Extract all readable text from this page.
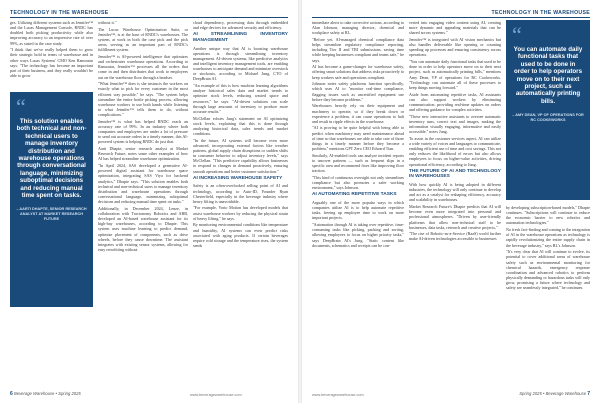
TECHNOLOGY IN THE WAREHOUSE

ges. Utilizing different systems such as Jennifer™ and the Lucas Management Console, RNDC has doubled both picking productivity while also improving accuracy to an impressive rate of over 99%, as stated in the case study.

"I think that we've really helped them to grow their strategic hold in terms of warehouse and in other ways Lucas Systems' CMO Ken Ramoutar says. "The technology has become an important part of their business, and they really wouldn't be able to grow

“
This solution enables both technical and non-technical users to manage inventory distribution and warehouse operations through conversational language, minimizing suboptimal decisions and reducing manual time spent on tasks.
– AARTI DHAPTE, SENIOR RESEARCH ANALYST AT MARKET RESEARCH FUTURE

without it."

The Lucas Warehouse Optimization Suite, or Jennifer™, is at the base of RNDC's warehouses. The system, at work in both the case pick and the pick areas, serving as an important part of RNDC's fulfillment system.

Jennifer™ is AI-powered intelligence that optimizes and orchestrates warehouse operations. According to Ramoutar, Jennifer™ processes all the orders that come in and then distributes that work to employees out on the warehouse floor through a headset.

"What Jennifer™ does is she instructs the workers on exactly what to pick for every customer in the most efficient way possible," he says. "The system helps streamline the entire bottle picking process, allowing warehouse workers to use both hands while listening to what Jennifer™ tells them to do, without complications."

Jennifer™ is what has helped RNDC reach an accuracy rate of 99%. In an industry where both companies and employees are under a lot of pressure to send out accurate orders in a timely manner, this AI-powered system is helping RNDC do just that.

Aarti Dhapte, senior research analyst at Market Research Future, notes some other examples of how AI has helped streamline warehouse optimization.

"In April 2024, SAS developed a generative AI-powered digital assistant for warehouse space optimization, integrating SAS Viya for backend analytics," Dhapte says. "This solution enables both technical and non-technical users to manage inventory distribution and warehouse operations through conversational language, minimizing suboptimal decisions and reducing manual time spent on tasks."

Additionally, in December 2024, Lenze, in collaboration with Tractonomy Robotics and ABB, developed an AI-based warehouse assistant for its high-bay warehouses, according to Dhapte. This system uses machine learning to predict demand, optimize placement of components, such as drive wheels, before they cause downtime. The assistant integrates with existing sensor systems, allowing for easy retrofitting without

cloud dependency, processing data through embedded and edge devices for advanced security and efficiency.

AI STREAMLINING INVENTORY MANAGEMENT

Another unique way that AI is boosting warehouse operations is through streamlining inventory management. AI-driven systems, like predictive analytics and intelligent inventory management tools, are enabling warehouses to anticipate demand and minimize overstock or stockouts, according to Michael Jung, CTO of DeepBrain AI.

"An example of this is how machine learning algorithms analyze historical sales data and market trends to optimize stock levels, reducing wasted space and resources," he says. "AI-driven solutions can scale through large amounts of inventory to produce more accurate results."

McClellan echoes Jung's statement on AI optimizing stock levels, explaining that this is done through analyzing historical data, sales trends and market conditions.

"In the future, AI systems will become even more advanced, incorporating external factors like weather patterns, global supply chain disruptions or sudden shifts in consumer behavior to adjust inventory levels," says McClellan. "This predictive capability allows businesses to respond to changes in demand proactively, ensuring smooth operations and better customer satisfaction."

AI INCREASING WAREHOUSE SAFETY

Safety is an often-overlooked selling point of AI and technology, according to Auto-ID, Founder Ryan Chesterfield, especially in the beverage industry where heavy lifting is unavoidable.

"For example, Vorto Motion has developed models that assist warehouse workers by reducing the physical strain of heavy lifting," he says.

By monitoring environmental conditions like temperature and humidity, AI systems can even predict risks associated with aging products. If certain beverages require cold storage and the temperature rises, the system sends

6 Beverage Warehouse • Spring 2025	www.beveragewarehouse.com
TECHNOLOGY IN THE WAREHOUSE

immediate alerts to take corrective actions, according to Alan Johnson, managing director, chemical and workplace safety at RL.

"Before yet, AI-managed chemical compliance data helps streamline regulatory compliance reporting, including Tier II and TRI submissions, saving time while keeping businesses compliant and teams safe," he says.

AI has become a game-changer for warehouse safety, offering smart solutions that address risks proactively to keep workers safe and operations compliant.

Johnson notes safety platforms function specifically, which uses AI to "monitor real-time compliance, flagging issues such as uncertified equipment use before they become problems."

Warehouses heavily rely on their equipment and machinery to operate, so if they break down or experience a problem, it can cause operations to halt and result in ripple effects in the warehouse.

"AI is proving to be quite helpful with being able to predict when machinery may need maintenance ahead of time so that warehouses are able to take care of those things in a timely manner before they become a problem," mentions GPT Zero CEO Edward Tian.

Similarly, AI-enabled tools can analyze incident reports to uncover patterns — such as frequent slips in a specific area and recommend fixes like improving floor traction.

"This kind of continuous oversight not only streamlines compliance but also promotes a safer working environment," says Johnson.

AI AUTOMATING REPETITIVE TASKS

Arguably one of the more popular ways in which companies utilize AI is to help automate repetitive tasks, freeing up employee time to work on more important projects.

"Automation through AI is taking over repetitive, time-consuming tasks like picking, packing and sorting, allowing employees to focus on higher priority tasks," says DeepBrain AI's Jung. "Static content like documents, schematics and receipts can be con-

verted into engaging video content using AI, creating more dynamic and appealing materials that can be shared across systems."

Jennifer™ is integrated with AI vision mechanics but also handles deliverable like opening or counting speeding up processes and ensuring consistency across operations.

"You can automate daily functional tasks that used to be done in order to help operators move on to their next project, such as automatically printing bills," mentions Amy Dean, VP of operations for RC Cookeworks. "Technology can automate all of these processes to keep things moving forward."

Aside from automating repetitive tasks, AI assistants can also support workers by eliminating communication, providing real-time updates on orders and offering guidance for complex activities.

"These new interactive assistants to oversee automatic inventory runs, correct text and images, making the information visually engaging, informative and easily accessible," notes Jung.

To assist in the customer services aspect, AI can utilize a wide variety of voices and languages to communicate, enabling efficient use of time and cost savings. This not only reduces the likelihood of errors but also allows employees to focus on higher-value activities, driving operational efficiency, according to Jung.

THE FUTURE OF AI AND TECHNOLOGY IN WAREHOUSES

With how quickly AI is being adopted in different industries, the technology will only continue to develop and act as a catalyst for reshaping efficiency, accuracy and scalability in warehouses.

Market Research Future's Dhapte predicts that AI will become even more integrated into personal and professional atmospheres. "Driven by user-friendly platforms that allow non-technical staff to be businesses, data tasks, research and creative projects,"

"The rise of Robotic-as-a-Service (RaaS) world further make AI-driven technologies accessible to businesses

“
You can automate daily functional tasks that used to be done in order to help operators move on to their next project, such as automatically printing bills.
– AMY DEAN, VP OF OPERATIONS FOR RC COOKEWORKS

by developing subscription-based models," Dhapte continues. "Subscriptions will continue to reduce the economic barrier to new robotics and automation technologies."

No fresh fact-finding and coming to the integration of AI in the warehouse operations as technology is rapidly revolutionizing the entire supply chain in the beverage industry," says RL's Johnson.

"It's very clear that AI will continue to evolve, its potential to cover additional areas of warehouse safety such as environmental monitoring for chemical hazards, emergency response coordination and advanced robotics to perform physically demanding or hazardous tasks will only grow, promising a future where technology and safety are seamlessly integrated," he continues.

www.beveragewarehouse.com	Spring 2025 • Beverage Warehouse 7
